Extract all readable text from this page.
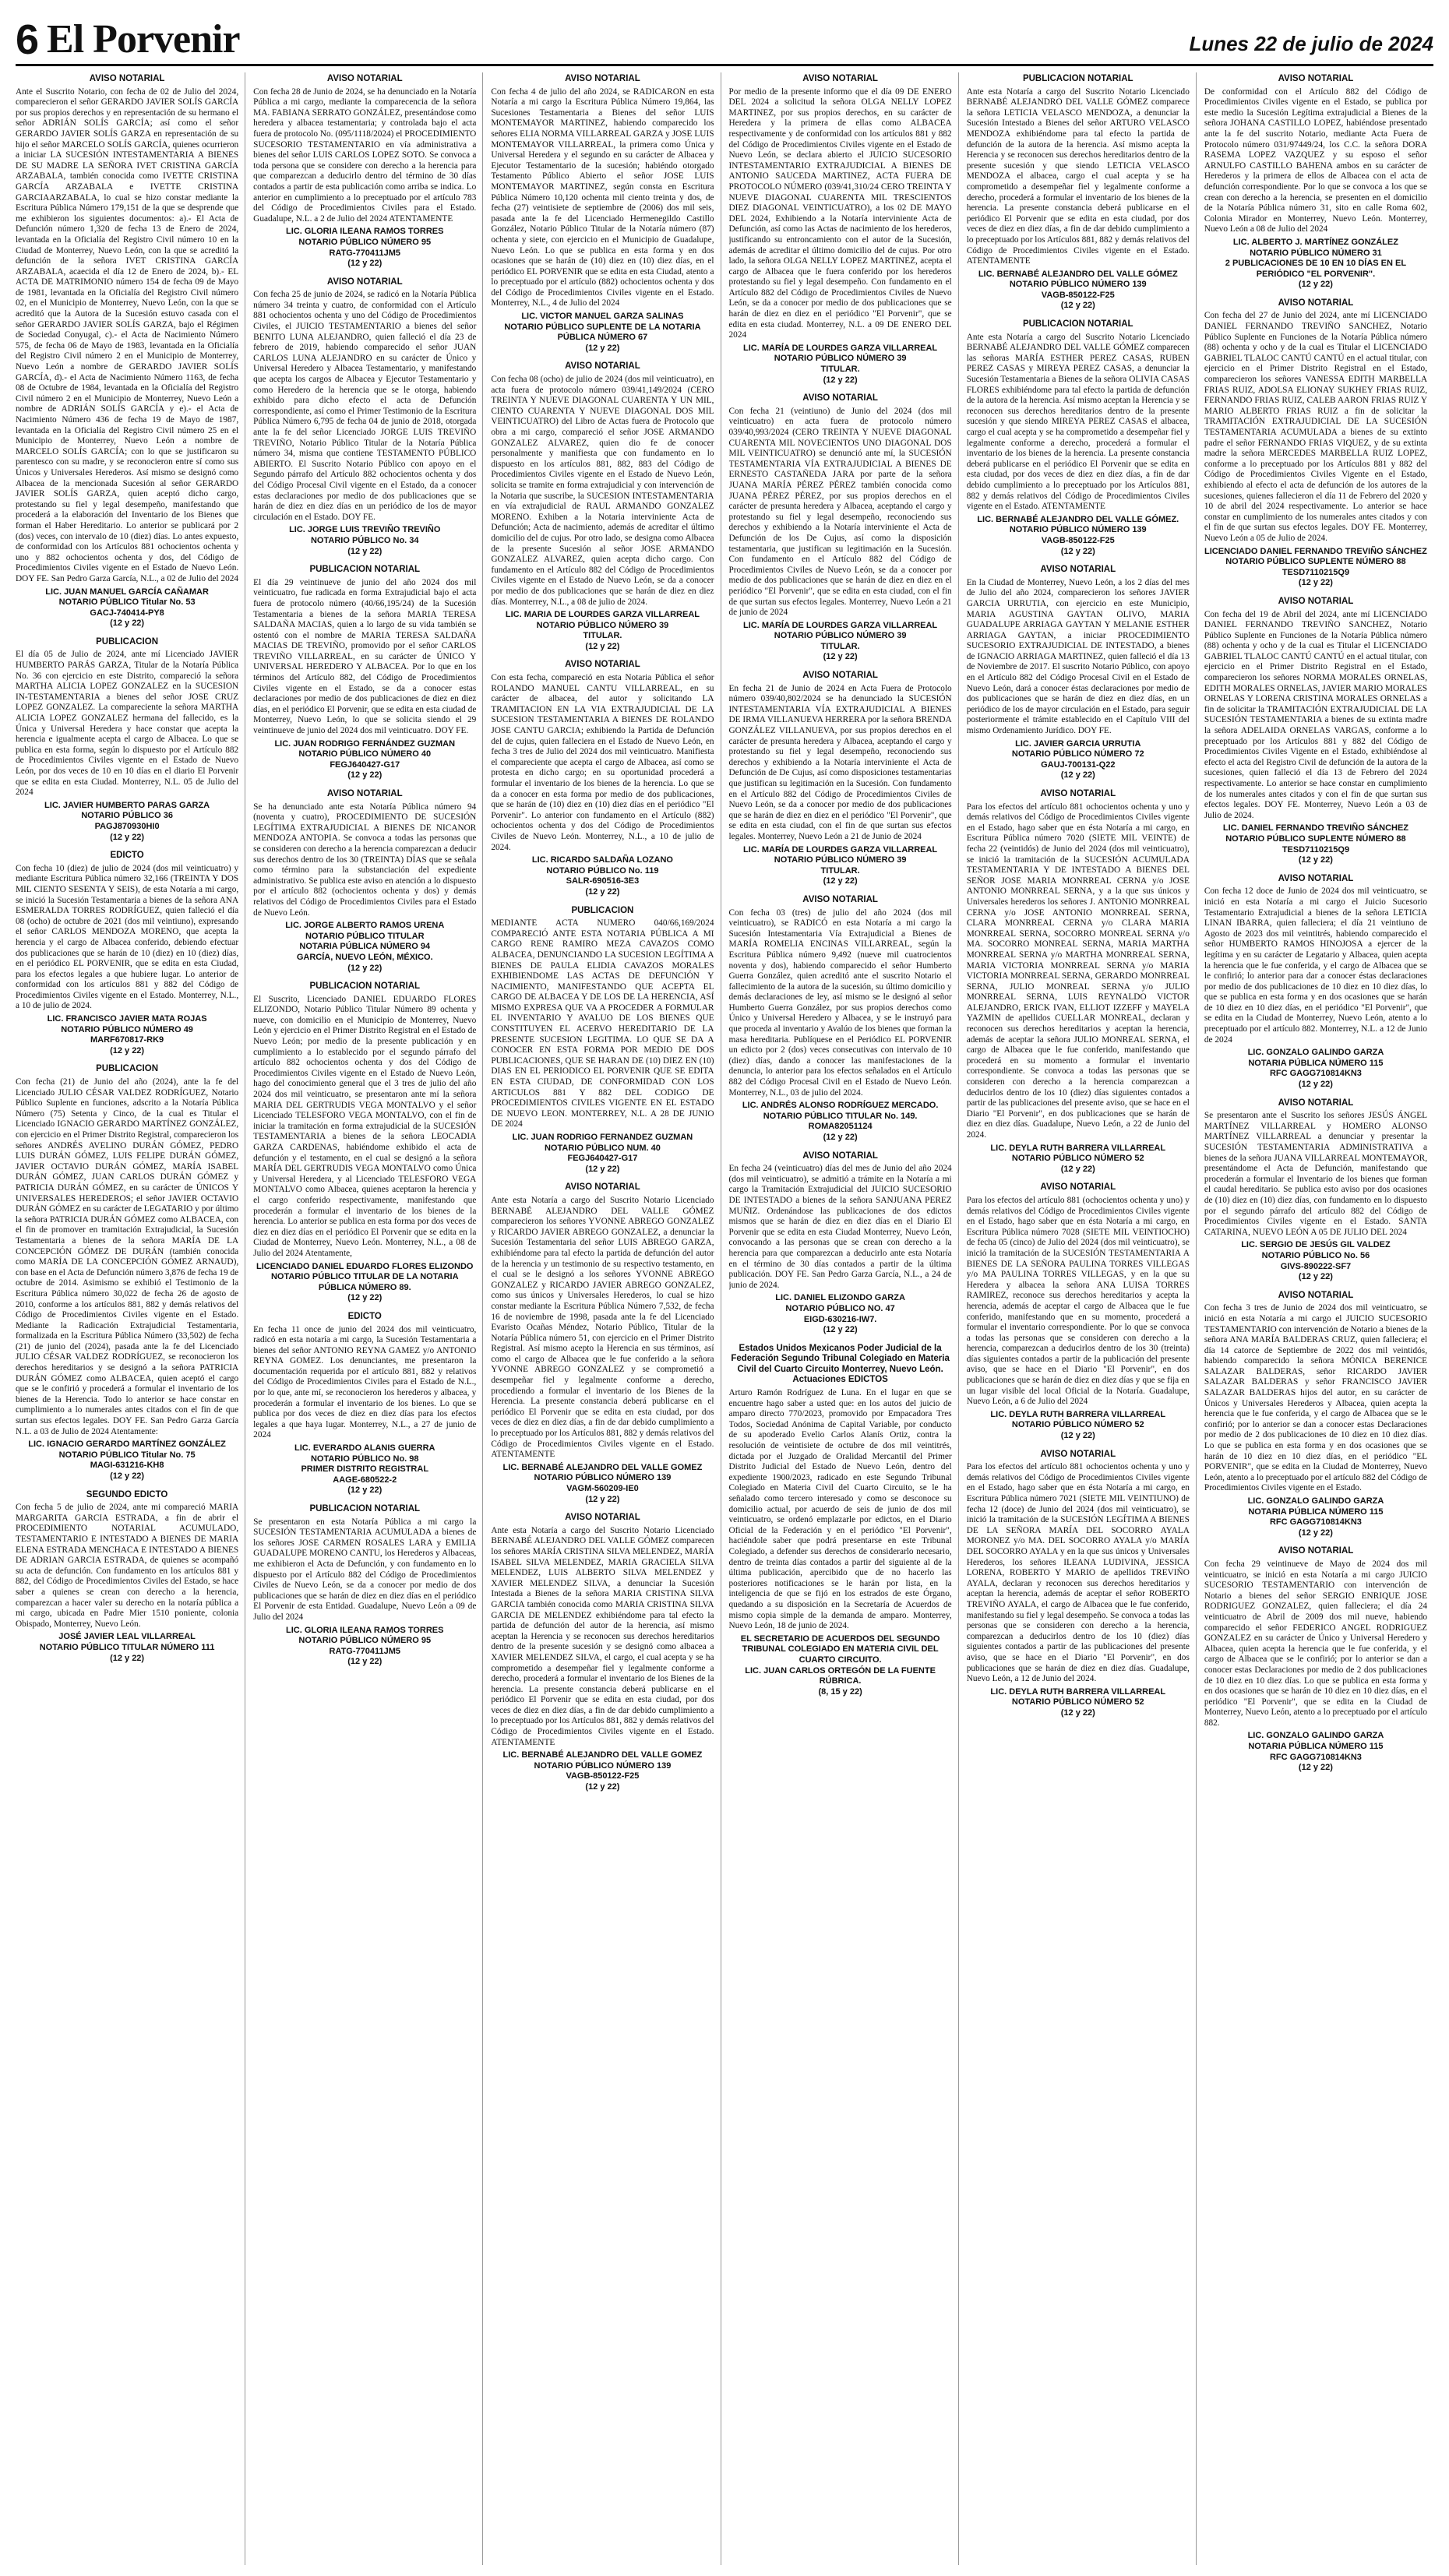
6 El Porvenir	Lunes 22 de julio de 2024
AVISO NOTARIAL

Ante el Suscrito Notario, con fecha de 02 de Julio del 2024, comparecieron el señor GERARDO JAVIER SOLÍS GARCÍA por sus propios derechos y en representación de su hermano el señor ADRIÁN SOLÍS GARCÍA; así como el señor GERARDO JAVIER SOLÍS GARZA en representación de su hijo el señor MARCELO SOLÍS GARCÍA, quienes ocurrieron a iniciar LA SUCESIÓN INTESTAMENTARIA A BIENES DE SU MADRE LA SEÑORA IVET CRISTINA GARCÍA ARZABALA, también conocida como IVETTE CRISTINA GARCÍA ARZABALA e IVETTE CRISTINA GARCIAARZABALA, lo cual se hizo constar mediante la Escritura Pública Número 179,151 de la que se desprende que me exhibieron los siguientes documentos: a).- El Acta de Defunción número 1,320 de fecha 13 de Enero de 2024, levantada en la Oficialía del Registro Civil número 10 en la Ciudad de Monterrey, Nuevo León, con la que se acreditó la defunción de la señora IVET CRISTINA GARCÍA ARZABALA, acaecida el día 12 de Enero de 2024, b).- EL ACTA DE MATRIMONIO número 154 de fecha 09 de Mayo de 1981, levantada en la Oficialía del Registro Civil número 02, en el Municipio de Monterrey, Nuevo León, con la que se acreditó que la Autora de la Sucesión estuvo casada con el señor GERARDO JAVIER SOLÍS GARZA, bajo el Régimen de Sociedad Conyugal, c).- el Acta de Nacimiento Número 575, de fecha 06 de Mayo de 1983, levantada en la Oficialía del Registro Civil número 2 en el Municipio de Monterrey, Nuevo León a nombre de GERARDO JAVIER SOLÍS GARCÍA, d).- el Acta de Nacimiento Número 1163, de fecha 08 de Octubre de 1984, levantada en la Oficialía del Registro Civil número 2 en el Municipio de Monterrey, Nuevo León a nombre de ADRIÁN SOLÍS GARCÍA y e).- el Acta de Nacimiento Número 436 de fecha 19 de Mayo de 1987, levantada en la Oficialía del Registro Civil número 25 en el Municipio de Monterrey, Nuevo León a nombre de MARCELO SOLÍS GARCÍA; con lo que se justificaron su parentesco con su madre, y se reconocieron entre sí como sus Únicos y Universales Herederos. Así mismo se designó como Albacea de la mencionada Sucesión al señor GERARDO JAVIER SOLÍS GARZA, quien aceptó dicho cargo, protestando su fiel y legal desempeño, manifestando que procederá a la elaboración del Inventario de los Bienes que forman el Haber Hereditario. Lo anterior se publicará por 2 (dos) veces, con intervalo de 10 (diez) días. Lo antes expuesto, de conformidad con los Artículos 881 ochocientos ochenta y uno y 882 ochocientos ochenta y dos, del Código de Procedimientos Civiles vigente en el Estado de Nuevo León. DOY FE. San Pedro Garza García, N.L., a 02 de Julio del 2024

LIC. JUAN MANUEL GARCÍA CAÑAMAR
NOTARIO PÚBLICO Titular No. 53
GACJ-740414-PY8
(12 y 22)
PUBLICACION

El día 05 de Julio de 2024, ante mí Licenciado JAVIER HUMBERTO PARÁS GARZA, Titular de la Notaría Pública No. 36 con ejercicio en este Distrito, compareció la señora MARTHA ALICIA LOPEZ GONZALEZ en la SUCESION IN-TESTAMENTARIA a bienes del señor JOSE CRUZ LOPEZ GONZALEZ. La compareciente la señora MARTHA ALICIA LOPEZ GONZALEZ hermana del fallecido, es la Única y Universal Heredera y hace constar que acepta la herencia e igualmente acepta el cargo de Albacea. Lo que se publica en esta forma, según lo dispuesto por el Artículo 882 de Procedimientos Civiles vigente en el Estado de Nuevo León, por dos veces de 10 en 10 días en el diario El Porvenir que se edita en esta Ciudad. Monterrey, N.L. 05 de Julio del 2024

LIC. JAVIER HUMBERTO PARAS GARZA
NOTARIO PÚBLICO 36
PAGJ870930HI0
(12 y 22)
EDICTO

Con fecha 10 (diez) de julio de 2024 (dos mil veinticuatro) y mediante Escritura Pública número 32,166 (TREINTA Y DOS MIL CIENTO SESENTA Y SEIS), de esta Notaría a mi cargo, se inició la Sucesión Testamentaria a bienes de la señora ANA ESMERALDA TORRES RODRÍGUEZ, quien falleció el día 08 (ocho) de octubre de 2021 (dos mil veintiuno), expresando el señor CARLOS MENDOZA MORENO, que acepta la herencia y el cargo de Albacea conferido, debiendo efectuar dos publicaciones que se harán de 10 (diez) en 10 (diez) días, en el periódico EL PORVENIR, que se edita en esta Ciudad, para los efectos legales a que hubiere lugar. Lo anterior de conformidad con los artículos 881 y 882 del Código de Procedimientos Civiles vigente en el Estado. Monterrey, N.L., a 10 de julio de 2024.

LIC. FRANCISCO JAVIER MATA ROJAS
NOTARIO PÚBLICO NÚMERO 49
MARF670817-RK9
(12 y 22)
PUBLICACION

Con fecha (21) de Junio del año (2024), ante la fe del Licenciado JULIO CÉSAR VALDEZ RODRÍGUEZ, Notario Público Suplente en funciones, adscrito a la Notaría Pública Número (75) Setenta y Cinco, de la cual es Titular el Licenciado IGNACIO GERARDO MARTÍNEZ GONZÁLEZ, con ejercicio en el Primer Distrito Registral, comparecieron los señores ANDRÉS AVELINO DURÁN GÓMEZ, PEDRO LUIS DURÁN GÓMEZ, LUIS FELIPE DURÁN GÓMEZ, JAVIER OCTAVIO DURÁN GÓMEZ, MARÍA ISABEL DURÁN GÓMEZ, JUAN CARLOS DURÁN GÓMEZ y PATRICIA DURÁN GÓMEZ, en su carácter de ÚNICOS Y UNIVERSALES HEREDEROS; el señor JAVIER OCTAVIO DURÁN GÓMEZ en su carácter de LEGATARIO y por último la señora PATRICIA DURÁN GÓMEZ como ALBACEA, con el fin de promover en tramitación Extrajudicial, la Sucesión Testamentaria a bienes de la señora MARÍA DE LA CONCEPCIÓN GÓMEZ DE DURÁN (también conocida como MARÍA DE LA CONCEPCIÓN GÓMEZ ARNAUD), con base en el Acta de Defunción número 3,876 de fecha 19 de octubre de 2014. Asimismo se exhibió el Testimonio de la Escritura Pública número 30,022 de fecha 26 de agosto de 2010, conforme a los artículos 881, 882 y demás relativos del Código de Procedimientos Civiles vigente en el Estado. Mediante la Radicación Extrajudicial Testamentaria, formalizada en la Escritura Pública Número (33,502) de fecha (21) de junio del (2024), pasada ante la fe del Licenciado JULIO CÉSAR VALDEZ RODRÍGUEZ, se reconocieron los derechos hereditarios y se designó a la señora PATRICIA DURÁN GÓMEZ como ALBACEA, quien aceptó el cargo que se le confirió y procederá a formular el inventario de los bienes de la Herencia. Todo lo anterior se hace constar en cumplimiento a lo numerales antes citados con el fin de que surtan sus efectos legales. DOY FE. San Pedro Garza García N.L. a 03 de Julio de 2024 Atentamente:

LIC. IGNACIO GERARDO MARTÍNEZ GONZÁLEZ
NOTARIO PÚBLICO Titular No. 75
MAGI-631216-KH8
(12 y 22)
SEGUNDO EDICTO

Con fecha 5 de julio de 2024, ante mi compareció MARIA MARGARITA GARCIA ESTRADA, a fin de abrir el PROCEDIMIENTO NOTARIAL ACUMULADO, TESTAMENTARIO E INTESTADO A BIENES DE MARIA ELENA ESTRADA MENCHACA E INTESTADO A BIENES DE ADRIAN GARCIA ESTRADA, de quienes se acompañó su acta de defunción. Con fundamento en los artículos 881 y 882, del Código de Procedimientos Civiles del Estado, se hace saber a quienes se crean con derecho a la herencia, comparezcan a hacer valer su derecho en la notaría pública a mi cargo, ubicada en Padre Mier 1510 poniente, colonia Obispado, Monterrey, Nuevo León.

JOSÉ JAVIER LEAL VILLARREAL
NOTARIO PÚBLICO TITULAR NÚMERO 111
(12 y 22)
AVISO NOTARIAL

Con fecha 28 de Junio de 2024, se ha denunciado en la Notaría Pública a mi cargo, mediante la comparecencia de la señora MA. FABIANA SERRATO GONZÁLEZ, presentándose como heredera y albacea testamentaria; y controlada bajo el acta fuera de protocolo No. (095/1118/2024) el PROCEDIMIENTO SUCESORIO TESTAMENTARIO en vía administrativa a bienes del señor LUIS CARLOS LOPEZ SOTO. Se convoca a toda persona que se considere con derecho a la herencia para que comparezcan a deducirlo dentro del término de 30 días contados a partir de esta publicación como arriba se indica. Lo anterior en cumplimiento a lo preceptuado por el artículo 783 del Código de Procedimientos Civiles para el Estado. Guadalupe, N.L. a 2 de Julio del 2024 ATENTAMENTE

LIC. GLORIA ILEANA RAMOS TORRES
NOTARIO PÚBLICO NÚMERO 95
RATG-770411JM5
(12 y 22)
AVISO NOTARIAL

Con fecha 25 de junio de 2024, se radicó en la Notaría Pública número 34 treinta y cuatro, de conformidad con el Artículo 881 ochocientos ochenta y uno del Código de Procedimientos Civiles, el JUICIO TESTAMENTARIO a bienes del señor BENITO LUNA ALEJANDRO, quien falleció el día 23 de febrero de 2019, habiendo comparecido el señor JUAN CARLOS LUNA ALEJANDRO en su carácter de Único y Universal Heredero y Albacea Testamentario, y manifestando que acepta los cargos de Albacea y Ejecutor Testamentario y como Heredero de la herencia que se le otorga, habiendo exhibido para dicho efecto el acta de Defunción correspondiente, así como el Primer Testimonio de la Escritura Pública Número 6,795 de fecha 04 de junio de 2018, otorgada ante la fe del señor Licenciado JORGE LUIS TREVIÑO TREVIÑO, Notario Público Titular de la Notaría Pública número 34, misma que contiene TESTAMENTO PÚBLICO ABIERTO. El Suscrito Notario Público con apoyo en el Segundo párrafo del Artículo 882 ochocientos ochenta y dos del Código Procesal Civil vigente en el Estado, da a conocer estas declaraciones por medio de dos publicaciones que se harán de diez en diez días en un periódico de los de mayor circulación en el Estado. DOY FE.

LIC. JORGE LUIS TREVIÑO TREVIÑO
NOTARIO PÚBLICO No. 34
(12 y 22)
PUBLICACION NOTARIAL

El día 29 veintinueve de junio del año 2024 dos mil veinticuatro, fue radicada en forma Extrajudicial bajo el acta fuera de protocolo número (40/66,195/24) de la Sucesión Testamentaria a bienes de la señora MARIA TERESA SALDAÑA MACIAS, quien a lo largo de su vida también se ostentó con el nombre de MARIA TERESA SALDAÑA MACIAS DE TREVIÑO, promovido por el señor CARLOS TREVIÑO VILLARREAL, en su carácter de ÚNICO Y UNIVERSAL HEREDERO Y ALBACEA. Por lo que en los términos del Artículo 882, del Código de Procedimientos Civiles vigente en el Estado, se da a conocer estas declaraciones por medio de dos publicaciones de diez en diez días, en el periódico El Porvenir, que se edita en esta ciudad de Monterrey, Nuevo León, lo que se solicita siendo el 29 veintinueve de junio del 2024 dos mil veinticuatro. DOY FE.

LIC. JUAN RODRIGO FERNÁNDEZ GUZMAN
NOTARIO PÚBLICO NÚMERO 40
FEGJ640427-G17
(12 y 22)
AVISO NOTARIAL

Se ha denunciado ante esta Notaría Pública número 94 (noventa y cuatro), PROCEDIMIENTO DE SUCESIÓN LEGÍTIMA EXTRAJUDICIAL A BIENES DE NICANOR MENDOZA ANTOPIA. Se convoca a todas las personas que se consideren con derecho a la herencia comparezcan a deducir sus derechos dentro de los 30 (TREINTA) DÍAS que se señala como término para la substanciación del expediente administrativo. Se publica este aviso en atención a lo dispuesto por el artículo 882 (ochocientos ochenta y dos) y demás relativos del Código de Procedimientos Civiles para el Estado de Nuevo León.

LIC. JORGE ALBERTO RAMOS URENA
NOTARIO PÚBLICO TITULAR
NOTARIA PÚBLICA NÚMERO 94
GARCÍA, NUEVO LEÓN, MÉXICO.
(12 y 22)
PUBLICACION NOTARIAL

El Suscrito, Licenciado DANIEL EDUARDO FLORES ELIZONDO, Notario Público Titular Número 89 ochenta y nueve, con domicilio en el Municipio de Monterrey, Nuevo León y ejercicio en el Primer Distrito Registral en el Estado de Nuevo León; por medio de la presente publicación y en cumplimiento a lo establecido por el segundo párrafo del artículo 882 ochocientos ochenta y dos del Código de Procedimientos Civiles vigente en el Estado de Nuevo León, hago del conocimiento general que el 3 tres de julio del año 2024 dos mil veinticuatro, se presentaron ante mí la señora MARIA DEL GERTRUDIS VEGA MONTALVO y el señor Licenciado TELESFORO VEGA MONTALVO, con el fin de iniciar la tramitación en forma extrajudicial de la SUCESIÓN TESTAMENTARIA a bienes de la señora LEOCADIA GARZA CARDENAS, habiéndome exhibido el acta de defunción y el testamento, en el cual se designó a la señora MARÍA DEL GERTRUDIS VEGA MONTALVO como Única y Universal Heredera, y al Licenciado TELESFORO VEGA MONTALVO como Albacea, quienes aceptaron la herencia y el cargo conferido respectivamente, manifestando que procederán a formular el inventario de los bienes de la herencia. Lo anterior se publica en esta forma por dos veces de diez en diez días en el periódico El Porvenir que se edita en la Ciudad de Monterrey, Nuevo León. Monterrey, N.L., a 08 de Julio del 2024 Atentamente,

LICENCIADO DANIEL EDUARDO FLORES ELIZONDO
NOTARIO PÚBLICO TITULAR DE LA NOTARIA PÚBLICA NÚMERO 89.
(12 y 22)
EDICTO

En fecha 11 once de junio del 2024 dos mil veinticuatro, radicó en esta notaría a mi cargo, la Sucesión Testamentaria a bienes del señor ANTONIO REYNA GAMEZ y/o ANTONIO REYNA GOMEZ. Los denunciantes, me presentaron la documentación requerida por el artículo 881, 882 y relativos del Código de Procedimientos Civiles para el Estado de N.L., por lo que, ante mí, se reconocieron los herederos y albacea, y procederán a formular el inventario de los bienes. Lo que se publica por dos veces de diez en diez días para los efectos legales a que haya lugar. Monterrey, N.L., a 27 de junio de 2024

LIC. EVERARDO ALANIS GUERRA
NOTARIO PÚBLICO No. 98
PRIMER DISTRITO REGISTRAL
AAGE-680522-2
(12 y 22)
PUBLICACION NOTARIAL

Se presentaron en esta Notaría Pública a mi cargo la SUCESIÓN TESTAMENTARIA ACUMULADA a bienes de los señores JOSE CARMEN ROSALES LARA y EMILIA GUADALUPE MORENO CANTU, los Herederos y Albaceas, me exhibieron el Acta de Defunción, y con fundamento en lo dispuesto por el Artículo 882 del Código de Procedimientos Civiles de Nuevo León, se da a conocer por medio de dos publicaciones que se harán de diez en diez días en el periódico El Porvenir de esta Entidad. Guadalupe, Nuevo León a 09 de Julio del 2024

LIC. GLORIA ILEANA RAMOS TORRES
NOTARIO PÚBLICO NÚMERO 95
RATG-770411JM5
(12 y 22)
AVISO NOTARIAL

Con fecha 4 de julio del año 2024, se RADICARON en esta Notaría a mi cargo la Escritura Pública Número 19,864, las Sucesiones Testamentaria a Bienes del señor LUIS MONTEMAYOR MARTINEZ, habiendo comparecido los señores ELIA NORMA VILLARREAL GARZA y JOSE LUIS MONTEMAYOR VILLARREAL, la primera como Única y Universal Heredera y el segundo en su carácter de Albacea y Ejecutor Testamentario de la sucesión; habiéndo otorgado Testamento Público Abierto el señor JOSE LUIS MONTEMAYOR MARTINEZ, según consta en Escritura Pública Número 10,120 ochenta mil ciento treinta y dos, de fecha (27) veintisiete de septiembre de (2006) dos mil seis, pasada ante la fe del Licenciado Hermenegildo Castillo González, Notario Público Titular de la Notaría número (87) ochenta y siete, con ejercicio en el Municipio de Guadalupe, Nuevo León. Lo que se publica en esta forma y en dos ocasiones que se harán de (10) diez en (10) diez días, en el periódico EL PORVENIR que se edita en esta Ciudad, atento a lo preceptuado por el artículo (882) ochocientos ochenta y dos del Código de Procedimientos Civiles vigente en el Estado. Monterrey, N.L., 4 de Julio del 2024

LIC. VICTOR MANUEL GARZA SALINAS
NOTARIO PÚBLICO SUPLENTE DE LA NOTARIA PÚBLICA NÚMERO 67
(12 y 22)
AVISO NOTARIAL

Con fecha 08 (ocho) de julio de 2024 (dos mil veinticuatro), en acta fuera de protocolo número 039/41,149/2024 (CERO TREINTA Y NUEVE DIAGONAL CUARENTA Y UN MIL, CIENTO CUARENTA Y NUEVE DIAGONAL DOS MIL VEINTICUATRO) del Libro de Actas fuera de Protocolo que obra a mi cargo, compareció el señor JOSE ARMANDO GONZALEZ ALVAREZ, quien dio fe de conocer personalmente y manifiesta que con fundamento en lo dispuesto en los artículos 881, 882, 883 del Código de Procedimientos Civiles vigente en el Estado de Nuevo León, solicita se tramite en forma extrajudicial y con intervención de la Notaria que suscribe, la SUCESION INTESTAMENTARIA en vía extrajudicial de RAUL ARMANDO GONZALEZ MORENO. Exhiben a la Notaria interviniente Acta de Defunción; Acta de nacimiento, además de acreditar el último domicilio del de cujus. Por otro lado, se designa como Albacea de la presente Sucesión al señor JOSE ARMANDO GONZALEZ ALVAREZ, quien acepta dicho cargo. Con fundamento en el Artículo 882 del Código de Procedimientos Civiles vigente en el Estado de Nuevo León, se da a conocer por medio de dos publicaciones que se harán de diez en diez días. Monterrey, N.L., a 08 de julio de 2024.

LIC. MARIA DE LOURDES GARZA VILLARREAL
NOTARIO PÚBLICO NÚMERO 39
TITULAR.
(12 y 22)
AVISO NOTARIAL

Con esta fecha, compareció en esta Notaria Pública el señor ROLANDO MANUEL CANTU VILLARREAL, en su carácter de albacea, del autor y solicitando LA TRAMITACION EN LA VIA EXTRAJUDICIAL DE LA SUCESION TESTAMENTARIA A BIENES DE ROLANDO JOSE CANTU GARCIA; exhibiendo la Partida de Defunción del de cujus, quien falleciera en el Estado de Nuevo León, en fecha 3 tres de Julio del 2024 dos mil veinticuatro. Manifiesta el compareciente que acepta el cargo de Albacea, así como se protesta en dicho cargo; en su oportunidad procederá a formular el inventario de los bienes de la herencia. Lo que se da a conocer en esta forma por medio de dos publicaciones, que se harán de (10) diez en (10) diez días en el periódico "El Porvenir". Lo anterior con fundamento en el Artículo (882) ochocientos ochenta y dos del Código de Procedimientos Civiles de Nuevo León. Monterrey, N.L., a 10 de julio de 2024.

LIC. RICARDO SALDAÑA LOZANO
NOTARIO PÚBLICO No. 119
SALR-690516-3E3
(12 y 22)
PUBLICACION

MEDIANTE ACTA NUMERO 040/66,169/2024 COMPARECIÓ ANTE ESTA NOTARIA PÚBLICA A MI CARGO RENE RAMIRO MEZA CAVAZOS COMO ALBACEA, DENUNCIANDO LA SUCESION LEGÍTIMA A BIENES DE PAULA ELIDIA CAVAZOS MORALES EXHIBIENDOME LAS ACTAS DE DEFUNCIÓN Y NACIMIENTO, MANIFESTANDO QUE ACEPTA EL CARGO DE ALBACEA Y DE LOS DE LA HERENCIA, ASÍ MISMO EXPRESA QUE VA A PROCEDER A FORMULAR EL INVENTARIO Y AVALUO DE LOS BIENES QUE CONSTITUYEN EL ACERVO HEREDITARIO DE LA PRESENTE SUCESION LEGITIMA. LO QUE SE DA A CONOCER EN ESTA FORMA POR MEDIO DE DOS PUBLICACIONES, QUE SE HARAN DE (10) DIEZ EN (10) DIAS EN EL PERIODICO EL PORVENIR QUE SE EDITA EN ESTA CIUDAD, DE CONFORMIDAD CON LOS ARTICULOS 881 Y 882 DEL CODIGO DE PROCEDIMIENTOS CIVILES VIGENTE EN EL ESTADO DE NUEVO LEON. MONTERREY, N.L. A 28 DE JUNIO DE 2024

LIC. JUAN RODRIGO FERNANDEZ GUZMAN
NOTARIO PÚBLICO NUM. 40
FEGJ640427-G17
(12 y 22)
AVISO NOTARIAL

Ante esta Notaría a cargo del Suscrito Notario Licenciado BERNABÉ ALEJANDRO DEL VALLE GÓMEZ comparecieron los señores YVONNE ABREGO GONZALEZ y RICARDO JAVIER ABREGO GONZALEZ, a denunciar la Sucesión Testamentaria del señor LUIS ABREGO GARZA, exhibiéndome para tal efecto la partida de defunción del autor de la herencia y un testimonio de su respectivo testamento, en el cual se le designó a los señores YVONNE ABREGO GONZALEZ y RICARDO JAVIER ABREGO GONZALEZ, como sus únicos y Universales Herederos, lo cual se hizo constar mediante la Escritura Pública Número 7,532, de fecha 16 de noviembre de 1998, pasada ante la fe del Licenciado Evaristo Ocañas Méndez, Notario Público, Titular de la Notaría Pública número 51, con ejercicio en el Primer Distrito Registral. Así mismo acepto la Herencia en sus términos, así como el cargo de Albacea que le fue conferido a la señora YVONNE ABREGO GONZALEZ y se comprometió a desempeñar fiel y legalmente conforme a derecho, procediendo a formular el inventario de los Bienes de la Herencia. La presente constancia deberá publicarse en el periódico El Porvenir que se edita en esta ciudad, por dos veces de diez en diez días, a fin de dar debido cumplimiento a lo preceptuado por los Artículos 881, 882 y demás relativos del Código de Procedimientos Civiles vigente en el Estado. ATENTAMENTE

LIC. BERNABÉ ALEJANDRO DEL VALLE GOMEZ
NOTARIO PÚBLICO NÚMERO 139
VAGM-560209-IE0
(12 y 22)
AVISO NOTARIAL

Ante esta Notaría a cargo del Suscrito Notario Licenciado BERNABÉ ALEJANDRO DEL VALLE GÓMEZ comparecen los señores MARÍA CRISTINA SILVA MELENDEZ, MARÍA ISABEL SILVA MELENDEZ, MARIA GRACIELA SILVA MELENDEZ, LUIS ALBERTO SILVA MELENDEZ y XAVIER MELENDEZ SILVA, a denunciar la Sucesión Intestada a Bienes de la señora MARIA CRISTINA SILVA GARCIA también conocida como MARIA CRISTINA SILVA GARCIA DE MELENDEZ exhibiéndome para tal efecto la partida de defunción del autor de la herencia, así mismo aceptan la Herencia y se reconocen sus derechos hereditarios dentro de la presente sucesión y se designó como albacea a XAVIER MELENDEZ SILVA, el cargo, el cual acepta y se ha comprometido a desempeñar fiel y legalmente conforme a derecho, procederá a formular el inventario de los Bienes de la herencia. La presente constancia deberá publicarse en el periódico El Porvenir que se edita en esta ciudad, por dos veces de diez en diez días, a fin de dar debido cumplimiento a lo preceptuado por los Artículos 881, 882 y demás relativos del Código de Procedimientos Civiles vigente en el Estado. ATENTAMENTE

LIC. BERNABÉ ALEJANDRO DEL VALLE GOMEZ
NOTARIO PÚBLICO NÚMERO 139
VAGB-850122-F25
(12 y 22)
AVISO NOTARIAL

Por medio de la presente informo que el día 09 DE ENERO DEL 2024 a solicitud la señora OLGA NELLY LOPEZ MARTINEZ, por sus propios derechos, en su carácter de Heredera y la primera de ellas como ALBACEA respectivamente y de conformidad con los artículos 881 y 882 del Código de Procedimientos Civiles vigente en el Estado de Nuevo León, se declara abierto el JUICIO SUCESORIO INTESTAMENTARIO EXTRAJUDICIAL A BIENES DE ANTONIO SAUCEDA MARTINEZ, ACTA FUERA DE PROTOCOLO NÚMERO (039/41,310/24 CERO TREINTA Y NUEVE DIAGONAL CUARENTA MIL TRESCIENTOS DIEZ DIAGONAL VEINTICUATRO), a los 02 DE MAYO DEL 2024, Exhibiendo a la Notaría interviniente Acta de Defunción, así como las Actas de nacimiento de los herederos, justificando su entroncamiento con el autor de la Sucesión, además de acreditar el último domicilio del de cujus. Por otro lado, la señora OLGA NELLY LOPEZ MARTINEZ, acepta el cargo de Albacea que le fuera conferido por los herederos protestando su fiel y legal desempeño. Con fundamento en el Artículo 882 del Código de Procedimientos Civiles de Nuevo León, se da a conocer por medio de dos publicaciones que se harán de diez en diez en el periódico "El Porvenir", que se edita en esta ciudad. Monterrey, N.L. a 09 DE ENERO DEL 2024

LIC. MARÍA DE LOURDES GARZA VILLARREAL
NOTARIO PÚBLICO NÚMERO 39
TITULAR.
(12 y 22)
AVISO NOTARIAL

Con fecha 21 (veintiuno) de Junio del 2024 (dos mil veinticuatro) en acta fuera de protocolo número 039/40,993/2024 (CERO TREINTA Y NUEVE DIAGONAL CUARENTA MIL NOVECIENTOS UNO DIAGONAL DOS MIL VEINTICUATRO) se denunció ante mí, la SUCESIÓN TESTAMENTARIA VÍA EXTRAJUDICIAL A BIENES DE ERNESTO CASTAÑEDA JARA por parte de la señora JUANA MARÍA PÉREZ PÉREZ también conocida como JUANA PÉREZ PÉREZ, por sus propios derechos en el carácter de presunta heredera y Albacea, aceptando el cargo y protestando su fiel y legal desempeño, reconociendo sus derechos y exhibiendo a la Notaría interviniente el Acta de Defunción de los De Cujus, así como la disposición testamentaria, que justifican su legitimación en la Sucesión. Con fundamento en el Artículo 882 del Código de Procedimientos Civiles de Nuevo León, se da a conocer por medio de dos publicaciones que se harán de diez en diez en el periódico "El Porvenir", que se edita en esta ciudad, con el fin de que surtan sus efectos legales. Monterrey, Nuevo León a 21 de junio de 2024

LIC. MARÍA DE LOURDES GARZA VILLARREAL
NOTARIO PÚBLICO NÚMERO 39
TITULAR.
(12 y 22)
AVISO NOTARIAL

En fecha 21 de Junio de 2024 en Acta Fuera de Protocolo número 039/40,802/2024 se ha denunciado la SUCESIÓN INTESTAMENTARIA VÍA EXTRAJUDICIAL A BIENES DE IRMA VILLANUEVA HERRERA por la señora BRENDA GONZÁLEZ VILLANUEVA, por sus propios derechos en el carácter de presunta heredera y Albacea, aceptando el cargo y protestando su fiel y legal desempeño, reconociendo sus derechos y exhibiendo a la Notaría interviniente el Acta de Defunción de De Cujus, así como disposiciones testamentarias que justifican su legitimación en la Sucesión. Con fundamento en el Artículo 882 del Código de Procedimientos Civiles de Nuevo León, se da a conocer por medio de dos publicaciones que se harán de diez en diez en el periódico "El Porvenir", que se edita en esta ciudad, con el fin de que surtan sus efectos legales. Monterrey, Nuevo León a 21 de Junio de 2024

LIC. MARÍA DE LOURDES GARZA VILLARREAL
NOTARIO PÚBLICO NÚMERO 39
TITULAR.
(12 y 22)
AVISO NOTARIAL

Con fecha 03 (tres) de julio del año 2024 (dos mil veinticuatro), se RADICÓ en esta Notaría a mi cargo la Sucesión Intestamentaria Vía Extrajudicial a Bienes de MARÍA ROMELIA ENCINAS VILLARREAL, según la Escritura Pública número 9,492 (nueve mil cuatrocientos noventa y dos), habiendo comparecido el señor Humberto Guerra González, quien acreditó ante el suscrito Notario el fallecimiento de la autora de la sucesión, su último domicilio y demás declaraciones de ley, así mismo se le designó al señor Humberto Guerra González, por sus propios derechos como Único y Universal Heredero y Albacea, y se le instruyó para que proceda al inventario y Avalúo de los bienes que forman la masa hereditaria. Publíquese en el Periódico EL PORVENIR un edicto por 2 (dos) veces consecutivas con intervalo de 10 (diez) días, dando a conocer las manifestaciones de la denuncia, lo anterior para los efectos señalados en el Artículo 882 del Código Procesal Civil en el Estado de Nuevo León. Monterrey, N.L., 03 de julio del 2024.

LIC. ANDRÉS ALONSO RODRÍGUEZ MERCADO.
NOTARIO PÚBLICO TITULAR No. 149.
ROMA82051124
(12 y 22)
AVISO NOTARIAL

En fecha 24 (veinticuatro) días del mes de Junio del año 2024 (dos mil veinticuatro), se admitió a trámite en la Notaría a mi cargo la Tramitación Extrajudicial del JUICIO SUCESORIO DE INTESTADO a bienes de la señora SANJUANA PEREZ MUÑIZ. Ordenándose las publicaciones de dos edictos mismos que se harán de diez en diez días en el Diario El Porvenir que se edita en esta Ciudad Monterrey, Nuevo León, convocando a las personas que se crean con derecho a la herencia para que comparezcan a deducirlo ante esta Notaría en el término de 30 días contados a partir de la última publicación. DOY FE. San Pedro Garza García, N.L., a 24 de junio de 2024.

LIC. DANIEL ELIZONDO GARZA
NOTARIO PÚBLICO NO. 47
EIGD-630216-IW7.
(12 y 22)
Estados Unidos Mexicanos Poder Judicial de la Federación Segundo Tribunal Colegiado en Materia Civil del Cuarto Circuito Monterrey, Nuevo León. Actuaciones EDICTOS

Arturo Ramón Rodríguez de Luna. En el lugar en que se encuentre hago saber a usted que: en los autos del juicio de amparo directo 770/2023, promovido por Empacadora Tres Todos, Sociedad Anónima de Capital Variable, por conducto de su apoderado Evelio Carlos Alanís Ortiz, contra la resolución de veintisiete de octubre de dos mil veintitrés, dictada por el Juzgado de Oralidad Mercantil del Primer Distrito Judicial del Estado de Nuevo León, dentro del expediente 1900/2023, radicado en este Segundo Tribunal Colegiado en Materia Civil del Cuarto Circuito, se le ha señalado como tercero interesado y como se desconoce su domicilio actual, por acuerdo de seis de junio de dos mil veinticuatro, se ordenó emplazarle por edictos, en el Diario Oficial de la Federación y en el periódico "El Porvenir", haciéndole saber que podrá presentarse en este Tribunal Colegiado, a defender sus derechos de considerarlo necesario, dentro de treinta días contados a partir del siguiente al de la última publicación, apercibido que de no hacerlo las posteriores notificaciones se le harán por lista, en la inteligencia de que se fijó en los estrados de este Órgano, quedando a su disposición en la Secretaría de Acuerdos de mismo copia simple de la demanda de amparo. Monterrey, Nuevo León, 18 de junio de 2024.

EL SECRETARIO DE ACUERDOS DEL SEGUNDO TRIBUNAL COLEGIADO EN MATERIA CIVIL DEL CUARTO CIRCUITO.
LIC. JUAN CARLOS ORTEGÓN DE LA FUENTE
RÚBRICA.
(8, 15 y 22)
PUBLICACION NOTARIAL

Ante esta Notaría a cargo del Suscrito Notario Licenciado BERNABÉ ALEJANDRO DEL VALLE GÓMEZ comparece la señora LETICIA VELASCO MENDOZA, a denunciar la Sucesión Intestado a Bienes del señor ARTURO VELASCO MENDOZA exhibiéndome para tal efecto la partida de defunción de la autora de la herencia. Así mismo acepta la Herencia y se reconocen sus derechos hereditarios dentro de la presente sucesión y que siendo LETICIA VELASCO MENDOZA el albacea, cargo el cual acepta y se ha comprometido a desempeñar fiel y legalmente conforme a derecho, procederá a formular el inventario de los bienes de la herencia. La presente constancia deberá publicarse en el periódico El Porvenir que se edita en esta ciudad, por dos veces de diez en diez días, a fin de dar debido cumplimiento a lo preceptuado por los Artículos 881, 882 y demás relativos del Código de Procedimientos Civiles vigente en el Estado. ATENTAMENTE

LIC. BERNABÉ ALEJANDRO DEL VALLE GÓMEZ
NOTARIO PÚBLICO NÚMERO 139
VAGB-850122-F25
(12 y 22)
PUBLICACION NOTARIAL

Ante esta Notaría a cargo del Suscrito Notario Licenciado BERNABÉ ALEJANDRO DEL VALLE GÓMEZ comparecen las señoras MARÍA ESTHER PEREZ CASAS, RUBEN PEREZ CASAS y MIREYA PEREZ CASAS, a denunciar la Sucesión Testamentaria a Bienes de la señora OLIVIA CASAS FLORES exhibiéndome para tal efecto la partida de defunción de la autora de la herencia. Así mismo aceptan la Herencia y se reconocen sus derechos hereditarios dentro de la presente sucesión y que siendo MIREYA PEREZ CASAS el albacea, cargo el cual acepta y se ha comprometido a desempeñar fiel y legalmente conforme a derecho, procederá a formular el inventario de los bienes de la herencia. La presente constancia deberá publicarse en el periódico El Porvenir que se edita en esta ciudad, por dos veces de diez en diez días, a fin de dar debido cumplimiento a lo preceptuado por los Artículos 881, 882 y demás relativos del Código de Procedimientos Civiles vigente en el Estado. ATENTAMENTE

LIC. BERNABÉ ALEJANDRO DEL VALLE GÓMEZ.
NOTARIO PÚBLICO NÚMERO 139
VAGB-850122-F25
(12 y 22)
AVISO NOTARIAL

En la Ciudad de Monterrey, Nuevo León, a los 2 días del mes de Julio del año 2024, comparecieron los señores JAVIER GARCIA URRUTIA, con ejercicio en este Municipio, MARIA AGUSTINA GAYTAN OLIVO, MARIA GUADALUPE ARRIAGA GAYTAN Y MELANIE ESTHER ARRIAGA GAYTAN, a iniciar PROCEDIMIENTO SUCESORIO EXTRAJUDICIAL DE INTESTADO, a bienes de IGNACIO ARRIAGA MARTINEZ, quien falleció el día 13 de Noviembre de 2017. El suscrito Notario Público, con apoyo en el Artículo 882 del Código Procesal Civil en el Estado de Nuevo León, dará a conocer éstas declaraciones por medio de dos publicaciones que se harán de diez en diez días, en un periódico de los de mayor circulación en el Estado, para seguir posteriormente el trámite establecido en el Capítulo VIII del mismo Ordenamiento Jurídico. DOY FE.

LIC. JAVIER GARCIA URRUTIA
NOTARIO PÚBLICO NÚMERO 72
GAUJ-700131-Q22
(12 y 22)
AVISO NOTARIAL

Para los efectos del artículo 881 ochocientos ochenta y uno y demás relativos del Código de Procedimientos Civiles vigente en el Estado, hago saber que en ésta Notaría a mi cargo, en Escritura Pública número 7020 (SIETE MIL VEINTE) de fecha 22 (veintidós) de Junio del 2024 (dos mil veinticuatro), se inició la tramitación de la SUCESIÓN ACUMULADA TESTAMENTARIA Y DE INTESTADO A BIENES DEL SEÑOR JOSE MARIA MONRREAL CERNA y/o JOSE ANTONIO MONRREAL SERNA, y a la que sus únicos y Universales herederos los señores J. ANTONIO MONRREAL CERNA y/o JOSE ANTONIO MONRREAL SERNA, CLARA MONRREAL CERNA y/o CLARA MARIA MONRREAL SERNA, SOCORRO MONREAL SERNA y/o MA. SOCORRO MONREAL SERNA, MARIA MARTHA MONRREAL SERNA y/o MARTHA MONRREAL SERNA, MARIA VICTORIA MONRREAL SERNA y/o MARIA VICTORIA MONRREAL SERNA, GERARDO MONRREAL SERNA, JULIO MONREAL SERNA y/o JULIO MONRREAL SERNA, LUIS REYNALDO VICTOR ALEJANDRO, ERICK IVAN, ELLIOT IZZEFF y MAYELA YAZMIN de apellidos CUELLAR MONREAL, declaran y reconocen sus derechos hereditarios y aceptan la herencia, además de aceptar la señora JULIO MONREAL SERNA, el cargo de Albacea que le fue conferido, manifestando que procederá en su momento a formular el inventario correspondiente. Se convoca a todas las personas que se consideren con derecho a la herencia comparezcan a deducirlos dentro de los 10 (diez) días siguientes contados a partir de las publicaciones del presente aviso, que se hace en el Diario "El Porvenir", en dos publicaciones que se harán de diez en diez días. Guadalupe, Nuevo León, a 22 de Junio del 2024.

LIC. DEYLA RUTH BARRERA VILLARREAL
NOTARIO PÚBLICO NÚMERO 52
(12 y 22)
AVISO NOTARIAL

Para los efectos del artículo 881 (ochocientos ochenta y uno) y demás relativos del Código de Procedimientos Civiles vigente en el Estado, hago saber que en ésta Notaría a mi cargo, en Escritura Pública número 7028 (SIETE MIL VEINTIOCHO) de fecha 05 (cinco) de Julio del 2024 (dos mil veinticuatro), se inició la tramitación de la SUCESIÓN TESTAMENTARIA A BIENES DE LA SEÑORA PAULINA TORRES VILLEGAS y/o MA PAULINA TORRES VILLEGAS, y en la que su Heredera y albacea la señora ANA LUISA TORRES RAMIREZ, reconoce sus derechos hereditarios y acepta la herencia, además de aceptar el cargo de Albacea que le fue conferido, manifestando que en su momento, procederá a formular el inventario correspondiente. Por lo que se convoca a todas las personas que se consideren con derecho a la herencia, comparezcan a deducirlos dentro de los 30 (treinta) días siguientes contados a partir de la publicación del presente aviso, que se hace en el Diario "El Porvenir", en dos publicaciones que se harán de diez en diez días y que se fija en un lugar visible del local Oficial de la Notaría. Guadalupe, Nuevo León, a 6 de Julio del 2024

LIC. DEYLA RUTH BARRERA VILLARREAL
NOTARIO PÚBLICO NÚMERO 52
(12 y 22)
AVISO NOTARIAL

Para los efectos del artículo 881 ochocientos ochenta y uno y demás relativos del Código de Procedimientos Civiles vigente en el Estado, hago saber que en ésta Notaría a mi cargo, en Escritura Pública número 7021 (SIETE MIL VEINTIUNO) de fecha 12 (doce) de Junio del 2024 (dos mil veinticuatro), se inició la tramitación de la SUCESIÓN LEGÍTIMA A BIENES DE LA SEÑORA MARÍA DEL SOCORRO AYALA MORONEZ y/o MA. DEL SOCORRO AYALA y/o MARÍA DEL SOCORRO AYALA y en la que sus únicos y Universales Herederos, los señores ILEANA LUDIVINA, JESSICA LORENA, ROBERTO Y MARIO de apellidos TREVIÑO AYALA, declaran y reconocen sus derechos hereditarios y aceptan la herencia, además de aceptar el señor ROBERTO TREVIÑO AYALA, el cargo de Albacea que le fue conferido, manifestando su fiel y legal desempeño. Se convoca a todas las personas que se consideren con derecho a la herencia, comparezcan a deducirlos dentro de los 10 (diez) días siguientes contados a partir de las publicaciones del presente aviso, que se hace en el Diario "El Porvenir", en dos publicaciones que se harán de diez en diez días. Guadalupe, Nuevo León, a 12 de Junio del 2024.

LIC. DEYLA RUTH BARRERA VILLARREAL
NOTARIO PÚBLICO NÚMERO 52
(12 y 22)
AVISO NOTARIAL

De conformidad con el Artículo 882 del Código de Procedimientos Civiles vigente en el Estado, se publica por este medio la Sucesión Legítima extrajudicial a Bienes de la señora JOHANA CASTILLO LOPEZ, habiéndose presentado ante la fe del suscrito Notario, mediante Acta Fuera de Protocolo número 031/97449/24, los C.C. la señora DORA RASEMA LOPEZ VAZQUEZ y su esposo el señor ARNULFO CASTILLO BAHENA ambos en su carácter de Herederos y la primera de ellos de Albacea con el acta de defunción correspondiente. Por lo que se convoca a los que se crean con derecho a la herencia, se presenten en el domicilio de la Notaría Pública número 31, sito en calle Roma 602, Colonia Mirador en Monterrey, Nuevo León. Monterrey, Nuevo León a 08 de Julio del 2024

LIC. ALBERTO J. MARTÍNEZ GONZÁLEZ
NOTARIO PÚBLICO NÚMERO 31
2 PUBLICACIONES DE 10 EN 10 DÍAS EN EL PERIÓDICO "EL PORVENIR".
(12 y 22)
AVISO NOTARIAL

Con fecha del 27 de Junio del 2024, ante mí LICENCIADO DANIEL FERNANDO TREVIÑO SANCHEZ, Notario Público Suplente en Funciones de la Notaría Pública número (88) ochenta y ocho y de la cual es Titular el LICENCIADO GABRIEL TLALOC CANTÚ CANTÚ en el actual titular, con ejercicio en el Primer Distrito Registral en el Estado, comparecieron los señores VANESSA EDITH MARBELLA FRIAS RUIZ, ADOLSA ELIONAY SUKHEY FRIAS RUIZ, FERNANDO FRIAS RUIZ, CALEB AARON FRIAS RUIZ Y MARIO ALBERTO FRIAS RUIZ a fin de solicitar la TRAMITACIÓN EXTRAJUDICIAL DE LA SUCESIÓN TESTAMENTARIA ACUMULADA a bienes de su extinto padre el señor FERNANDO FRIAS VIQUEZ, y de su extinta madre la señora MERCEDES MARBELLA RUIZ LOPEZ, conforme a lo preceptuado por los Artículos 881 y 882 del Código de Procedimientos Civiles Vigente en el Estado, exhibiendo al efecto el acta de defunción de los autores de la sucesiones, quienes fallecieron el día 11 de Febrero del 2020 y 10 de abril del 2024 respectivamente. Lo anterior se hace constar en cumplimiento de los numerales antes citados y con el fin de que surtan sus efectos legales. DOY FE. Monterrey, Nuevo León a 05 de Julio de 2024.

LICENCIADO DANIEL FERNANDO TREVIÑO SÁNCHEZ
NOTARIO PÚBLICO SUPLENTE NÚMERO 88
TESD7110215Q9
(12 y 22)
AVISO NOTARIAL

Con fecha del 19 de Abril del 2024, ante mí LICENCIADO DANIEL FERNANDO TREVIÑO SANCHEZ, Notario Público Suplente en Funciones de la Notaría Pública número (88) ochenta y ocho y de la cual es Titular el LICENCIADO GABRIEL TLALOC CANTÚ CANTÚ en el actual titular, con ejercicio en el Primer Distrito Registral en el Estado, comparecieron los señores NORMA MORALES ORNELAS, EDITH MORALES ORNELAS, JAVIER MARIO MORALES ORNELAS Y LORENA CRISTINA MORALES ORNELAS a fin de solicitar la TRAMITACIÓN EXTRAJUDICIAL DE LA SUCESIÓN TESTAMENTARIA a bienes de su extinta madre la señora ADELAIDA ORNELAS VARGAS, conforme a lo preceptuado por los Artículos 881 y 882 del Código de Procedimientos Civiles Vigente en el Estado, exhibiéndose al efecto el acta del Registro Civil de defunción de la autora de la sucesiones, quien falleció el día 13 de Febrero del 2024 respectivamente. Lo anterior se hace constar en cumplimiento de los numerales antes citados y con el fin de que surtan sus efectos legales. DOY FE. Monterrey, Nuevo León a 03 de Julio de 2024.

LIC. DANIEL FERNANDO TREVIÑO SÁNCHEZ
NOTARIO PÚBLICO SUPLENTE NÚMERO 88
TESD7110215Q9
(12 y 22)
AVISO NOTARIAL

Con fecha 12 doce de Junio de 2024 dos mil veinticuatro, se inició en esta Notaría a mi cargo el Juicio Sucesorio Testamentario Extrajudicial a bienes de la señora LETICIA LINAN IBARRA, quien falleciera; el día 21 veintiuno de Agosto de 2023 dos mil veintitrés, habiendo comparecido el señor HUMBERTO RAMOS HINOJOSA a ejercer de la legítima y en su carácter de Legatario y Albacea, quien acepta la herencia que le fue conferida, y el cargo de Albacea que se le confirió; lo anterior para dar a conocer éstas declaraciones por medio de dos publicaciones de 10 diez en 10 diez días, lo que se publica en esta forma y en dos ocasiones que se harán de 10 diez en 10 diez días, en el periódico "El Porvenir", que se edita en la Ciudad de Monterrey, Nuevo León, atento a lo preceptuado por el artículo 882. Monterrey, N.L. a 12 de Junio de 2024

LIC. GONZALO GALINDO GARZA
NOTARIA PÚBLICA NÚMERO 115
RFC GAGG710814KN3
(12 y 22)
AVISO NOTARIAL

Se presentaron ante el Suscrito los señores JESÚS ÁNGEL MARTÍNEZ VILLARREAL y HOMERO ALONSO MARTÍNEZ VILLARREAL a denunciar y presentar la SUCESIÓN TESTAMENTARIA ADMINISTRATIVA a bienes de la señora JUANA VILLARREAL MONTEMAYOR, presentándome el Acta de Defunción, manifestando que procederán a formular el Inventario de los bienes que forman el caudal hereditario. Se publica esto aviso por dos ocasiones de (10) diez en (10) diez días, con fundamento en lo dispuesto por el segundo párrafo del artículo 882 del Código de Procedimientos Civiles vigente en el Estado. SANTA CATARINA, NUEVO LEÓN A 05 DE JULIO DEL 2024

LIC. SERGIO DE JESÚS GIL VALDEZ
NOTARIO PÚBLICO No. 56
GIVS-890222-SF7
(12 y 22)
AVISO NOTARIAL

Con fecha 3 tres de Junio de 2024 dos mil veinticuatro, se inició en esta Notaría a mi cargo el JUICIO SUCESORIO TESTAMENTARIO con intervención de Notario a bienes de la señora ANA MARÍA BALDERAS CRUZ, quien falleciera; el día 14 catorce de Septiembre de 2022 dos mil veintidós, habiendo comparecido la señora MÓNICA BERENICE SALAZAR BALDERAS, señor RICARDO JAVIER SALAZAR BALDERAS y señor FRANCISCO JAVIER SALAZAR BALDERAS hijos del autor, en su carácter de Únicos y Universales Herederos y Albacea, quien acepta la herencia que le fue conferida, y el cargo de Albacea que se le confirió; por lo anterior se dan a conocer estas Declaraciones por medio de 2 dos publicaciones de 10 diez en 10 diez días. Lo que se publica en esta forma y en dos ocasiones que se harán de 10 diez en 10 diez días, en el periódico "EL PORVENIR", que se edita en la Ciudad de Monterrey, Nuevo León, atento a lo preceptuado por el artículo 882 del Código de Procedimientos Civiles vigente en el Estado.

LIC. GONZALO GALINDO GARZA
NOTARIA PÚBLICA NÚMERO 115
RFC GAGG710814KN3
(12 y 22)
AVISO NOTARIAL

Con fecha 29 veintinueve de Mayo de 2024 dos mil veinticuatro, se inició en esta Notaría a mi cargo JUICIO SUCESORIO TESTAMENTARIO con intervención de Notario a bienes del señor SERGIO ENRIQUE JOSE RODRIGUEZ GONZALEZ, quien falleciera; el día 24 veinticuatro de Abril de 2009 dos mil nueve, habiendo comparecido el señor FEDERICO ANGEL RODRIGUEZ GONZALEZ en su carácter de Único y Universal Heredero y Albacea, quien acepta la herencia que le fue conferida, y el cargo de Albacea que se le confirió; por lo anterior se dan a conocer estas Declaraciones por medio de 2 dos publicaciones de 10 diez en 10 diez días. Lo que se publica en esta forma y en dos ocasiones que se harán de 10 diez en 10 diez días, en el periódico "El Porvenir", que se edita en la Ciudad de Monterrey, Nuevo León, atento a lo preceptuado por el artículo 882.

LIC. GONZALO GALINDO GARZA
NOTARIA PÚBLICA NÚMERO 115
RFC GAGG710814KN3
(12 y 22)
